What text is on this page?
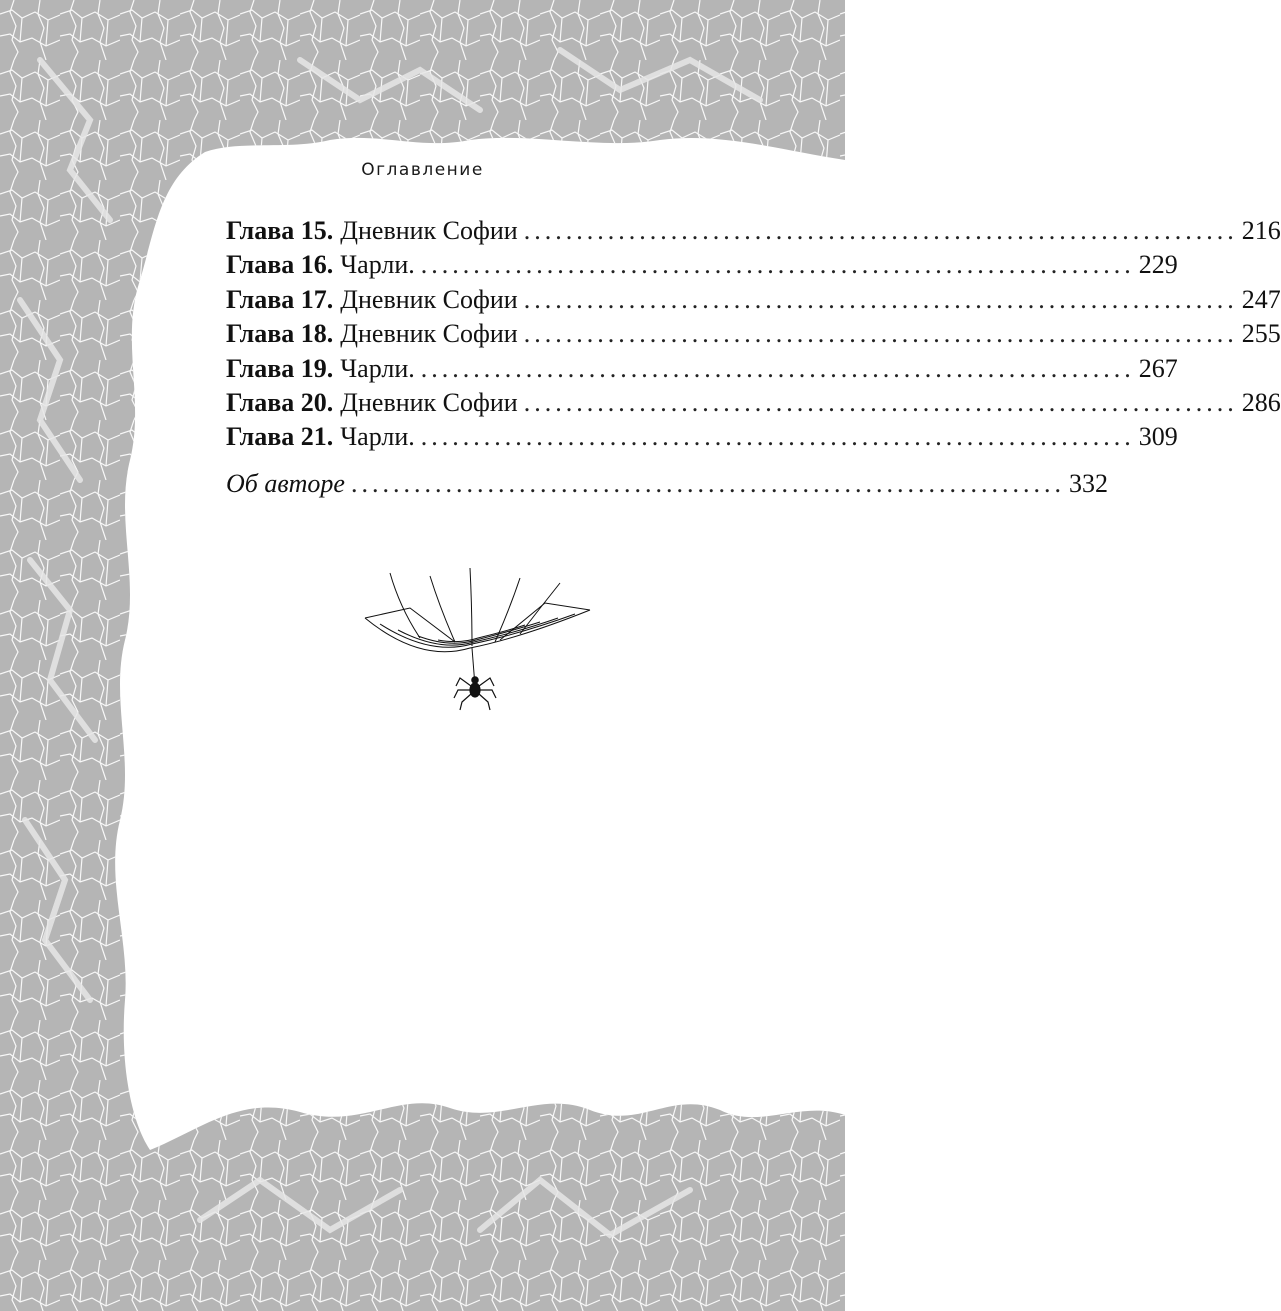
Оглавление
Глава 15. Дневник Софии .................................................................... 216
Глава 16. Чарли. .................................................................... 229
Глава 17. Дневник Софии .................................................................... 247
Глава 18. Дневник Софии .................................................................... 255
Глава 19. Чарли. .................................................................... 267
Глава 20. Дневник Софии .................................................................... 286
Глава 21. Чарли. .................................................................... 309
Об авторе .................................................................... 332
